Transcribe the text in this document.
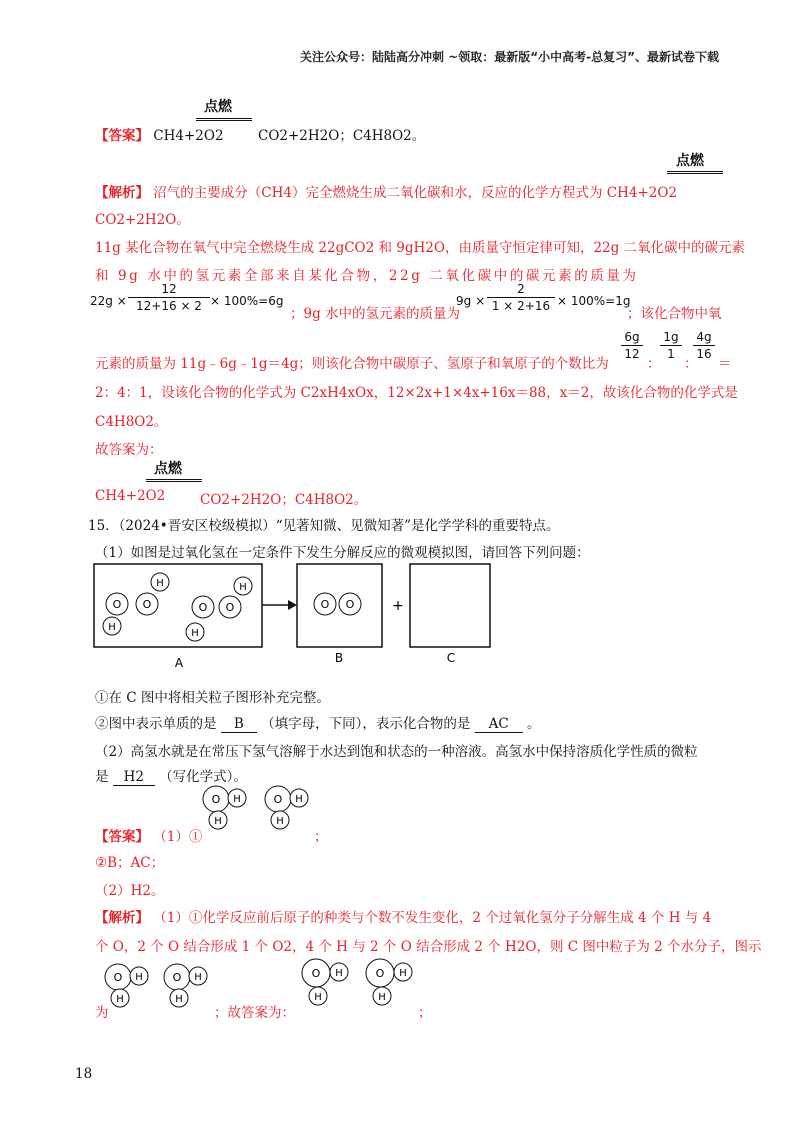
关注公众号：陆陆高分冲刺 ~领取：最新版“小中高考-总复习”、最新试卷下载
点燃
【答案】 CH4+2O2	CO2+2H2O；C4H8O2。
点燃
【解析】 沼气的主要成分（CH4）完全燃烧生成二氧化碳和水，反应的化学方程式为 CH4+2O2
CO2+2H2O。
11g 某化合物在氧气中完全燃烧生成 22gCO2 和 9gH2O，由质量守恒定律可知，22g 二氧化碳中的碳元素
和 9g 水中的氢元素全部来自某化合物，22g 二氧化碳中的碳元素的质量为
22g ×
12
12+16 × 2 × 100%=6g
；9g 水中的氢元素的质量为
9g ×
2
1 × 2+16 × 100%=1g
；该化合物中氧
元素的质量为 11g﹣6g﹣1g＝4g；则该化合物中碳原子、氢原子和氧原子的个数比为
6g
12
：
1g
1
：
4g
16
＝
2：4：1，设该化合物的化学式为 C2xH4xOx，12×2x+1×4x+16x＝88，x＝2，故该化合物的化学式是
C4H8O2。
故答案为：
点燃
CH4+2O2	CO2+2H2O；C4H8O2。
15．（2024•晋安区校级模拟）“见著知微、见微知著”是化学学科的重要特点。
（1）如图是过氧化氢在一定条件下发生分解反应的微观模拟图，请回答下列问题：
O O
H
H
O O
H
H
O O	+
A	B	C
①在 C 图中将相关粒子图形补充完整。
②图中表示单质的是 B （填字母，下同），表示化合物的是 AC 。
（2）高氢水就是在常压下氢气溶解于水达到饱和状态的一种溶液。高氢水中保持溶质化学性质的微粒
是 H2 （写化学式）。
O H
H
O H
H
【答案】 （1）①	；
②B；AC；
（2）H2。
【解析】 （1）①化学反应前后原子的种类与个数不发生变化，2 个过氧化氢分子分解生成 4 个 H 与 4
个 O，2 个 O 结合形成 1 个 O2，4 个 H 与 2 个 O 结合形成 2 个 H2O，则 C 图中粒子为 2 个水分子，图示
为
O H
H
O H
H
；故答案为：
O H
H
O H
H
；
18
